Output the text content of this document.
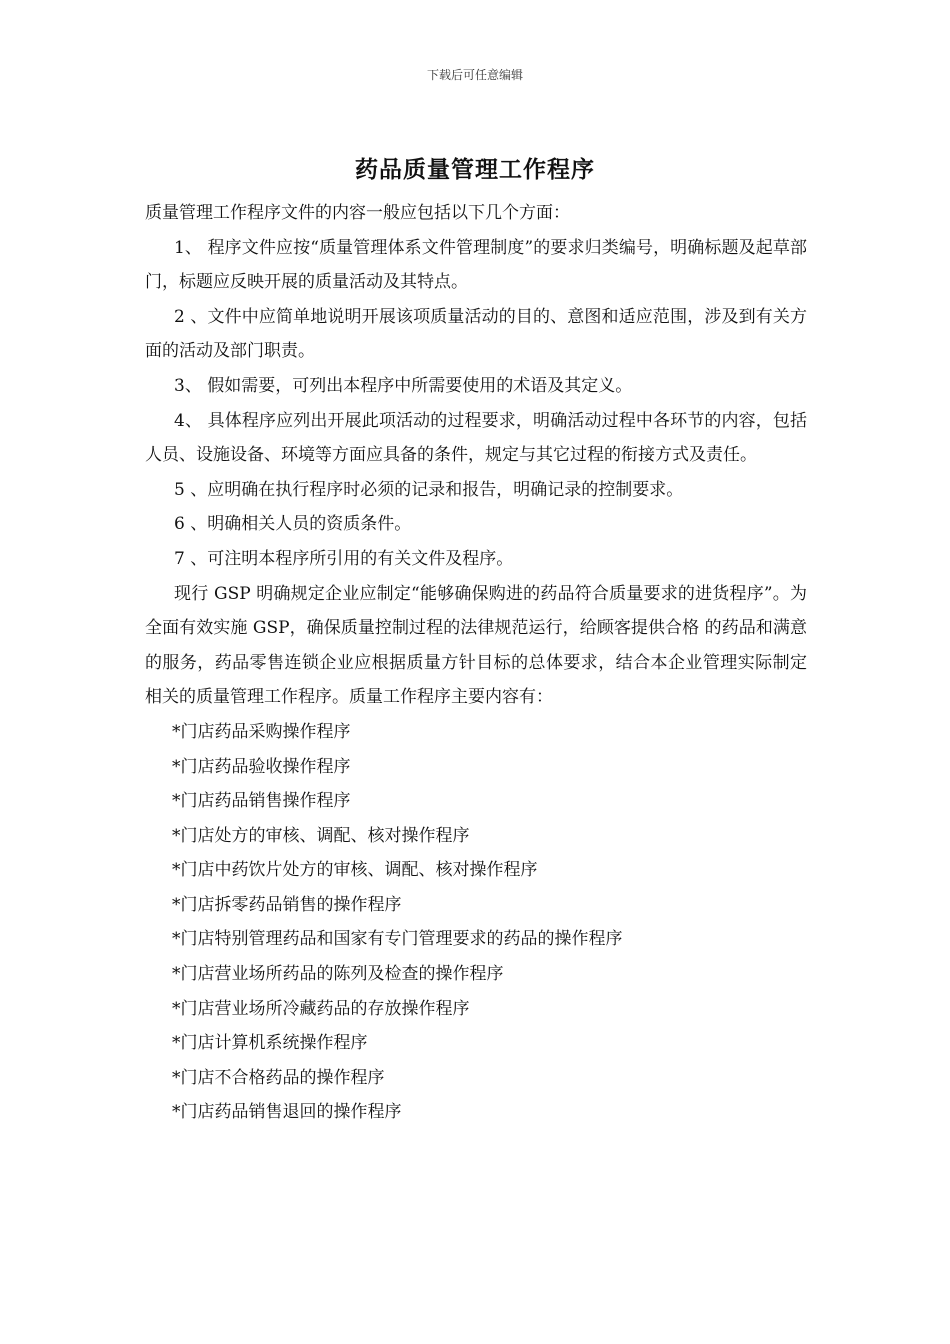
下载后可任意编辑
药品质量管理工作程序

质量管理工作程序文件的内容一般应包括以下几个方面：

1、 程序文件应按“质量管理体系文件管理制度”的要求归类编号，明确标题及起草部门，标题应反映开展的质量活动及其特点。

2 、文件中应简单地说明开展该项质量活动的目的、意图和适应范围，涉及到有关方面的活动及部门职责。

3、 假如需要，可列出本程序中所需要使用的术语及其定义。

4、 具体程序应列出开展此项活动的过程要求，明确活动过程中各环节的内容，包括人员、设施设备、环境等方面应具备的条件，规定与其它过程的衔接方式及责任。

5 、应明确在执行程序时必须的记录和报告，明确记录的控制要求。

6 、明确相关人员的资质条件。

7 、可注明本程序所引用的有关文件及程序。

现行 GSP 明确规定企业应制定“能够确保购进的药品符合质量要求的进货程序”。为全面有效实施 GSP，确保质量控制过程的法律规范运行，给顾客提供合格 的药品和满意的服务，药品零售连锁企业应根据质量方针目标的总体要求，结合本企业管理实际制定相关的质量管理工作程序。质量工作程序主要内容有：

*门店药品采购操作程序
*门店药品验收操作程序
*门店药品销售操作程序
*门店处方的审核、调配、核对操作程序
*门店中药饮片处方的审核、调配、核对操作程序
*门店拆零药品销售的操作程序
*门店特别管理药品和国家有专门管理要求的药品的操作程序
*门店营业场所药品的陈列及检查的操作程序
*门店营业场所冷藏药品的存放操作程序
*门店计算机系统操作程序
*门店不合格药品的操作程序
*门店药品销售退回的操作程序
